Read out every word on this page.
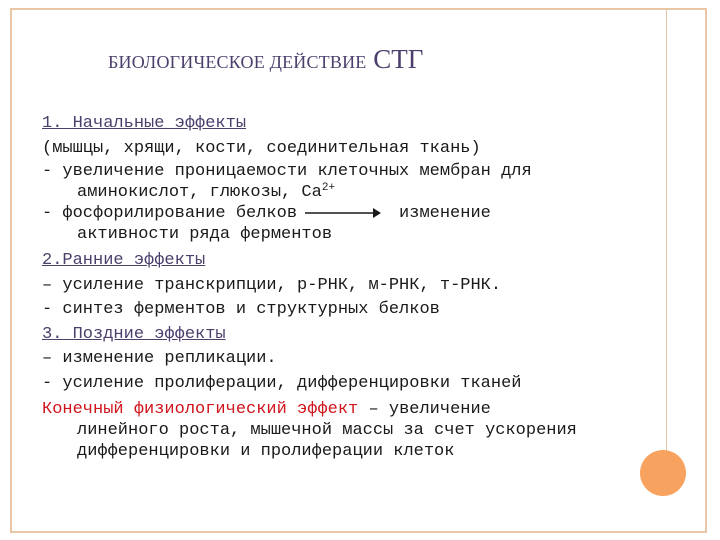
БИОЛОГИЧЕСКОЕ ДЕЙСТВИЕ СТГ
1. Начальные эффекты
(мышцы, хрящи, кости, соединительная ткань)
- увеличение проницаемости клеточных мембран для
аминокислот, глюкозы, $Ca^{2+}$
- фосфорилирование белков	изменение
активности ряда ферментов
2.Ранние эффекты
– усиление транскрипции, р-РНК, м-РНК, т-РНК.
- синтез ферментов и структурных белков
3. Поздние эффекты
– изменение репликации.
- усиление пролиферации, дифференцировки тканей
Конечный физиологический эффект – увеличение
линейного роста, мышечной массы за счет ускорения
дифференцировки и пролиферации клеток
